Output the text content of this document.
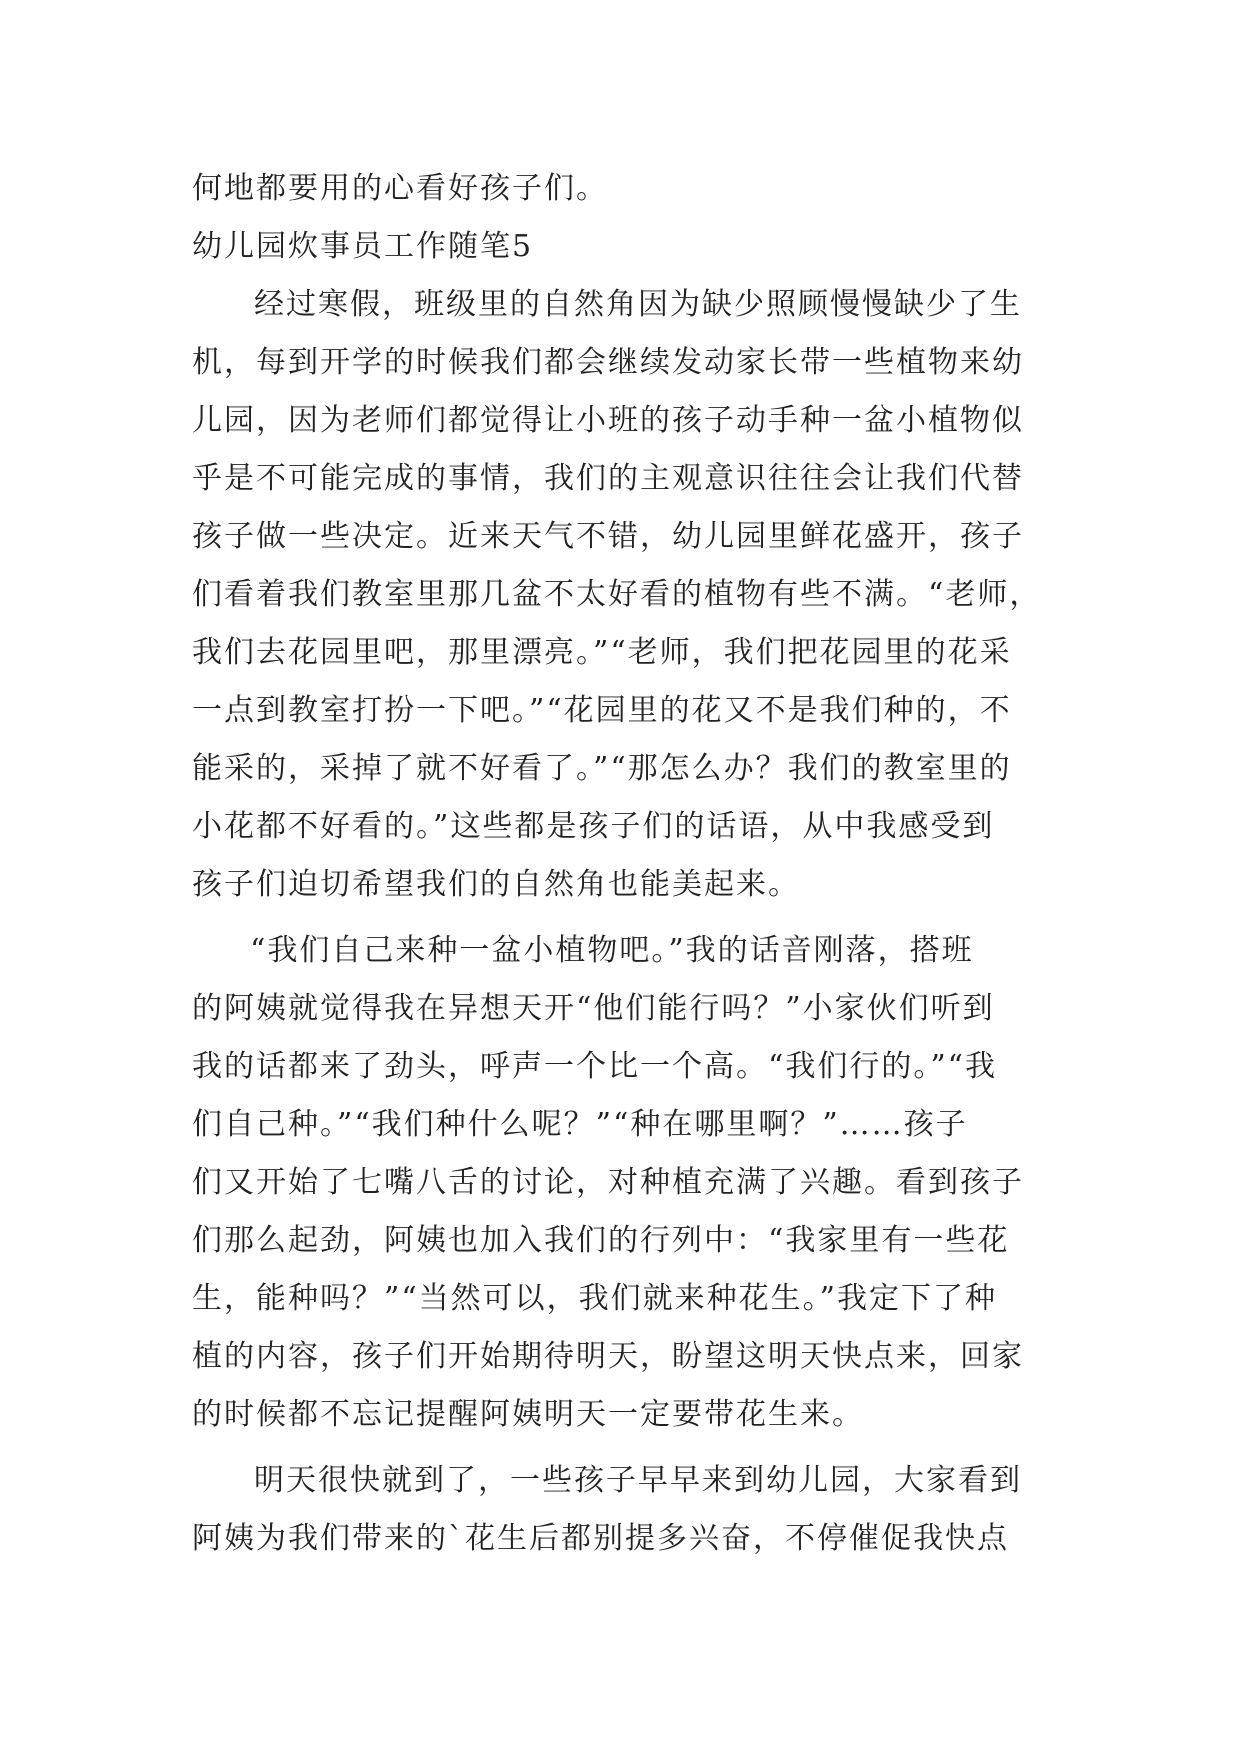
何地都要用的心看好孩子们。
幼儿园炊事员工作随笔5
经过寒假，班级里的自然角因为缺少照顾慢慢缺少了生
机，每到开学的时候我们都会继续发动家长带一些植物来幼
儿园，因为老师们都觉得让小班的孩子动手种一盆小植物似
乎是不可能完成的事情，我们的主观意识往往会让我们代替
孩子做一些决定。近来天气不错，幼儿园里鲜花盛开，孩子
们看着我们教室里那几盆不太好看的植物有些不满。“老师，
我们去花园里吧，那里漂亮。”“老师，我们把花园里的花采
一点到教室打扮一下吧。”“花园里的花又不是我们种的，不
能采的，采掉了就不好看了。”“那怎么办？我们的教室里的
小花都不好看的。”这些都是孩子们的话语，从中我感受到
孩子们迫切希望我们的自然角也能美起来。
“我们自己来种一盆小植物吧。”我的话音刚落，搭班
的阿姨就觉得我在异想天开“他们能行吗？”小家伙们听到
我的话都来了劲头，呼声一个比一个高。“我们行的。”“我
们自己种。”“我们种什么呢？”“种在哪里啊？”……孩子
们又开始了七嘴八舌的讨论，对种植充满了兴趣。看到孩子
们那么起劲，阿姨也加入我们的行列中：“我家里有一些花
生，能种吗？”“当然可以，我们就来种花生。”我定下了种
植的内容，孩子们开始期待明天，盼望这明天快点来，回家
的时候都不忘记提醒阿姨明天一定要带花生来。
明天很快就到了，一些孩子早早来到幼儿园，大家看到
阿姨为我们带来的`花生后都别提多兴奋，不停催促我快点
